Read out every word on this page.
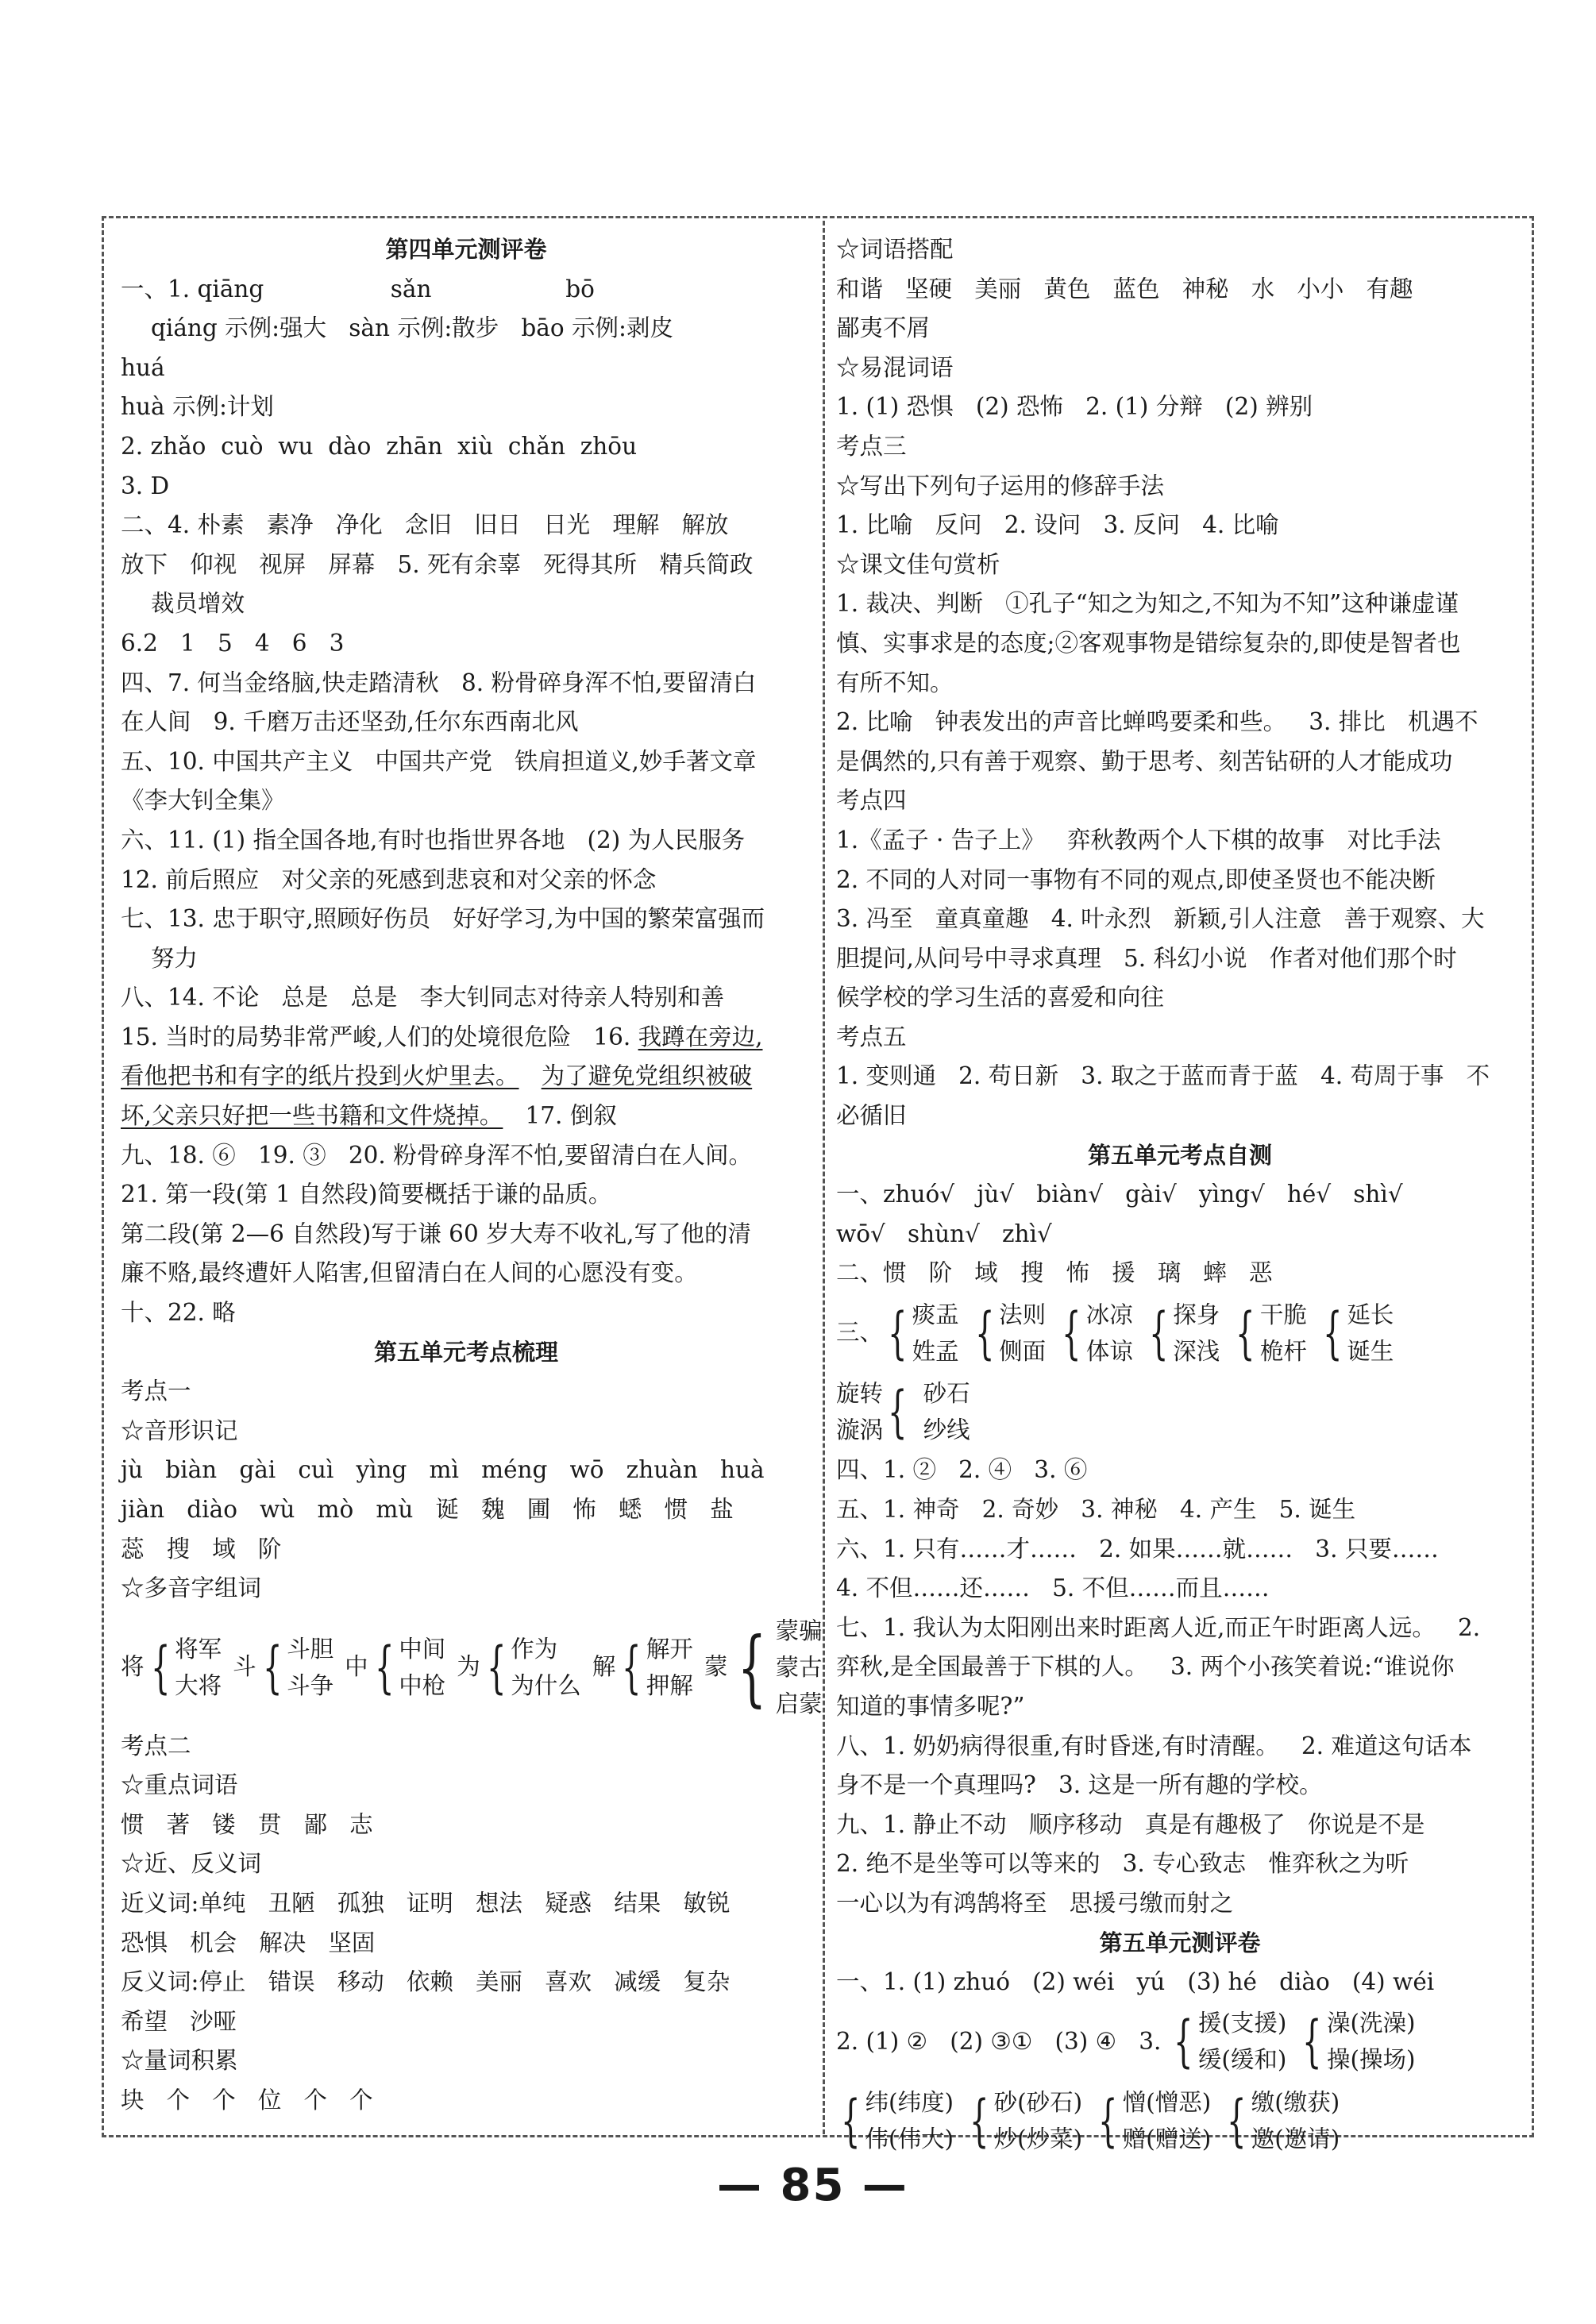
第四单元测评卷
一、1. qiāng                 sǎn                  bō
qiáng 示例:强大   sàn 示例:散步   bāo 示例:剥皮
huá
huà 示例:计划
2. zhǎo  cuò  wu  dào  zhān  xiù  chǎn  zhōu
3. D
二、4. 朴素   素净   净化   念旧   旧日   日光   理解   解放
放下   仰视   视屏   屏幕   5. 死有余辜   死得其所   精兵简政
裁员增效
6.2   1   5   4   6   3
四、7. 何当金络脑,快走踏清秋   8. 粉骨碎身浑不怕,要留清白
在人间   9. 千磨万击还坚劲,任尔东西南北风
五、10. 中国共产主义   中国共产党   铁肩担道义,妙手著文章
《李大钊全集》
六、11. (1) 指全国各地,有时也指世界各地   (2) 为人民服务
12. 前后照应   对父亲的死感到悲哀和对父亲的怀念
七、13. 忠于职守,照顾好伤员   好好学习,为中国的繁荣富强而
努力
八、14. 不论   总是   总是   李大钊同志对待亲人特别和善
15. 当时的局势非常严峻,人们的处境很危险   16. 我蹲在旁边,
看他把书和有字的纸片投到火炉里去。 为了避免党组织被破
坏,父亲只好把一些书籍和文件烧掉。   17. 倒叙
九、18. ⑥   19. ③   20. 粉骨碎身浑不怕,要留清白在人间。
21. 第一段(第 1 自然段)简要概括于谦的品质。
第二段(第 2—6 自然段)写于谦 60 岁大寿不收礼,写了他的清
廉不赂,最终遭奸人陷害,但留清白在人间的心愿没有变。
十、22. 略
第五单元考点梳理
考点一
☆音形识记
jù   biàn   gài   cuì   yìng   mì   méng   wō   zhuàn   huà
jiàn   diào   wù   mò   mù   诞   魏   圃   怖   蟋   惯   盐
蕊   搜   域   阶
☆多音字组词
将 { 将军
大将
斗 { 斗胆
斗争
中 { 中间
中枪
为 { 作为
为什么
解 { 解开
押解
蒙 { 蒙骗
蒙古
启蒙
考点二
☆重点词语
惯   著   镂   贯   鄙   志
☆近、反义词
近义词:单纯   丑陋   孤独   证明   想法   疑惑   结果   敏锐
恐惧   机会   解决   坚固
反义词:停止   错误   移动   依赖   美丽   喜欢   减缓   复杂
希望   沙哑
☆量词积累
块   个   个   位   个   个
☆词语搭配
和谐   坚硬   美丽   黄色   蓝色   神秘   水   小小   有趣
鄙夷不屑
☆易混词语
1. (1) 恐惧   (2) 恐怖   2. (1) 分辩   (2) 辨别
考点三
☆写出下列句子运用的修辞手法
1. 比喻   反问   2. 设问   3. 反问   4. 比喻
☆课文佳句赏析
1. 裁决、判断   ①孔子“知之为知之,不知为不知”这种谦虚谨
慎、实事求是的态度;②客观事物是错综复杂的,即使是智者也
有所不知。
2. 比喻   钟表发出的声音比蝉鸣要柔和些。   3. 排比   机遇不
是偶然的,只有善于观察、勤于思考、刻苦钻研的人才能成功
考点四
1.《孟子 · 告子上》   弈秋教两个人下棋的故事   对比手法
2. 不同的人对同一事物有不同的观点,即使圣贤也不能决断
3. 冯至   童真童趣   4. 叶永烈   新颖,引人注意   善于观察、大
胆提问,从问号中寻求真理   5. 科幻小说   作者对他们那个时
候学校的学习生活的喜爱和向往
考点五
1. 变则通   2. 苟日新   3. 取之于蓝而青于蓝   4. 苟周于事   不
必循旧
第五单元考点自测
一、zhuó√   jù√   biàn√   gài√   yìng√   hé√   shì√
wō√   shùn√   zhì√
二、惯   阶   域   搜   怖   援   璃   蟀   恶
三、 { 痰盂
姓孟 { 法则
侧面 { 冰凉
体谅 { 探身
深浅 { 干脆
桅杆 { 延长
诞生
旋转
漩涡 { 砂石
纱线
四、1. ②   2. ④   3. ⑥
五、1. 神奇   2. 奇妙   3. 神秘   4. 产生   5. 诞生
六、1. 只有……才……   2. 如果……就……   3. 只要……
4. 不但……还……   5. 不但……而且……
七、1. 我认为太阳刚出来时距离人近,而正午时距离人远。   2.
弈秋,是全国最善于下棋的人。   3. 两个小孩笑着说:“谁说你
知道的事情多呢?”
八、1. 奶奶病得很重,有时昏迷,有时清醒。   2. 难道这句话本
身不是一个真理吗?   3. 这是一所有趣的学校。
九、1. 静止不动   顺序移动   真是有趣极了   你说是不是
2. 绝不是坐等可以等来的   3. 专心致志   惟弈秋之为听
一心以为有鸿鹄将至   思援弓缴而射之
第五单元测评卷
一、1. (1) zhuó   (2) wéi   yú   (3) hé   diào   (4) wéi
2. (1) ②   (2) ③①   (3) ④   3. { 援(支援)
缓(缓和) { 澡(洗澡)
操(操场)
{ 纬(纬度)
伟(伟大) { 砂(砂石)
炒(炒菜) { 憎(憎恶)
赠(赠送) { 缴(缴获)
邀(邀请)
— 85 —
